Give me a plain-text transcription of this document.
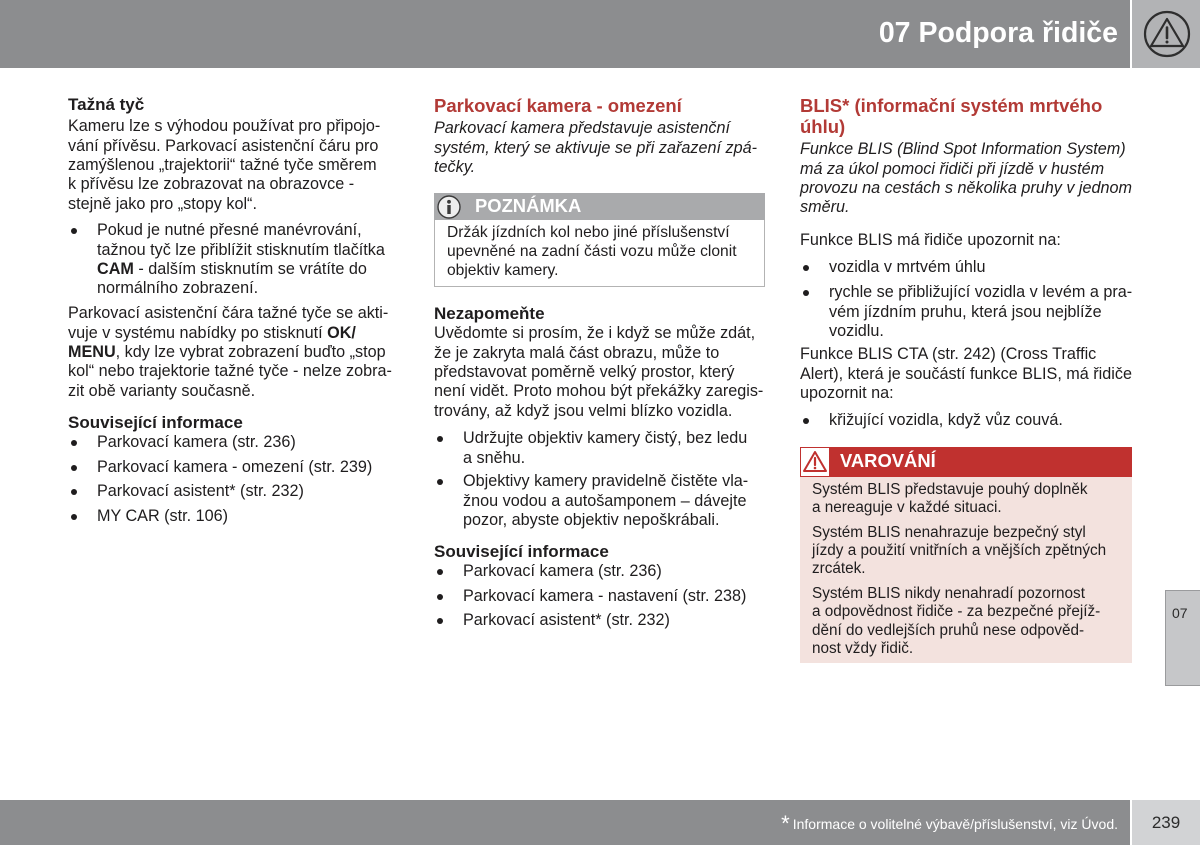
07 Podpora řidiče
Tažná tyč
Kameru lze s výhodou používat pro připojo-
vání přívěsu. Parkovací asistenční čáru pro
zamýšlenou „trajektorii“ tažné tyče směrem
k přívěsu lze zobrazovat na obrazovce -
stejně jako pro „stopy kol“.
Pokud je nutné přesné manévrování,
tažnou tyč lze přiblížit stisknutím tlačítka
CAM - dalším stisknutím se vrátíte do
normálního zobrazení.
Parkovací asistenční čára tažné tyče se akti-
vuje v systému nabídky po stisknutí OK/
MENU, kdy lze vybrat zobrazení buďto „stop
kol“ nebo trajektorie tažné tyče - nelze zobra-
zit obě varianty současně.
Související informace
Parkovací kamera (str. 236)
Parkovací kamera - omezení (str. 239)
Parkovací asistent* (str. 232)
MY CAR (str. 106)
Parkovací kamera - omezení
Parkovací kamera představuje asistenční
systém, který se aktivuje se při zařazení zpá-
tečky.
POZNÁMKA
Držák jízdních kol nebo jiné příslušenství
upevněné na zadní části vozu může clonit
objektiv kamery.
Nezapomeňte
Uvědomte si prosím, že i když se může zdát,
že je zakryta malá část obrazu, může to
představovat poměrně velký prostor, který
není vidět. Proto mohou být překážky zaregis-
trovány, až když jsou velmi blízko vozidla.
Udržujte objektiv kamery čistý, bez ledu
a sněhu.
Objektivy kamery pravidelně čistěte vla-
žnou vodou a autošamponem – dávejte
pozor, abyste objektiv nepoškrábali.
Související informace
Parkovací kamera (str. 236)
Parkovací kamera - nastavení (str. 238)
Parkovací asistent* (str. 232)
BLIS* (informační systém mrtvého
úhlu)
Funkce BLIS (Blind Spot Information System)
má za úkol pomoci řidiči při jízdě v hustém
provozu na cestách s několika pruhy v jednom
směru.
Funkce BLIS má řidiče upozornit na:
vozidla v mrtvém úhlu
rychle se přibližující vozidla v levém a pra-
vém jízdním pruhu, která jsou nejblíže
vozidlu.
Funkce BLIS CTA (str. 242) (Cross Traffic
Alert), která je součástí funkce BLIS, má řidiče
upozornit na:
křižující vozidla, když vůz couvá.
VAROVÁNÍ
Systém BLIS představuje pouhý doplněk
a nereaguje v každé situaci.
Systém BLIS nenahrazuje bezpečný styl
jízdy a použití vnitřních a vnějších zpětných
zrcátek.
Systém BLIS nikdy nenahradí pozornost
a odpovědnost řidiče - za bezpečné přejíž-
dění do vedlejších pruhů nese odpověd-
nost vždy řidič.
07
* Informace o volitelné výbavě/příslušenství, viz Úvod.	239
